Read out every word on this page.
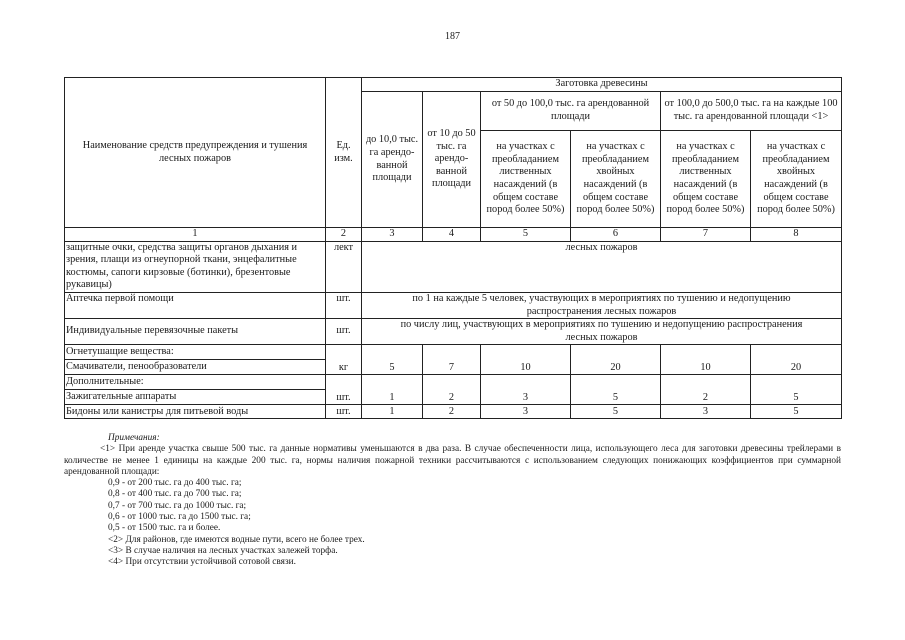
187
Наименование средств предупреждения и тушения лесных пожаров	Ед. изм.	Заготовка древесины					
		до 10,0 тыс. га арендо-ванной площади	от 10 до 50 тыс. га арендо-ванной площади	от 50 до 100,0 тыс. га арендованной площади		от 100,0 до 500,0 тыс. га на каждые 100 тыс. га арендованной площади <1>	
				на участках с преобладанием лиственных насаждений (в общем составе пород более 50%)	на участках с преобладанием хвойных насаждений (в общем составе пород более 50%)	на участках с преобладанием лиственных насаждений (в общем составе пород более 50%)	на участках с преобладанием хвойных насаждений (в общем составе пород более 50%)

1	2	3	4	5	6	7	8
защитные очки, средства защиты органов дыхания и зрения, плащи из огнеупорной ткани, энцефалитные костюмы, сапоги кирзовые (ботинки), брезентовые рукавицы)	лект	лесных пожаров					
Аптечка первой помощи	шт.	по 1 на каждые 5 человек, участвующих в мероприятиях по тушению и недопущению распространения лесных пожаров					
Индивидуальные перевязочные пакеты	шт.	по числу лиц, участвующих в мероприятиях по тушению и недопущению распространения лесных пожаров					
Огнетушащие вещества:	кг	5	7	10	20	10	20
Смачиватели, пенообразователи							
Дополнительные:	шт.	1	2	3	5	2	5
Зажигательные аппараты							
Бидоны или канистры для питьевой воды	шт.	1	2	3	5	3	5
Примечания:
<1> При аренде участка свыше 500 тыс. га данные нормативы уменьшаются в два раза. В случае обеспеченности лица, использующего леса для заготовки древесины трейлерами в количестве не менее 1 единицы на каждые 200 тыс. га, нормы наличия пожарной техники рассчитываются с использованием следующих понижающих коэффициентов при суммарной арендованной площади:
0,9 - от 200 тыс. га до 400 тыс. га;
0,8 - от 400 тыс. га до 700 тыс. га;
0,7 - от 700 тыс. га до 1000 тыс. га;
0,6 - от 1000 тыс. га до 1500 тыс. га;
0,5 - от 1500 тыс. га и более.
<2> Для районов, где имеются водные пути, всего не более трех.
<3> В случае наличия на лесных участках залежей торфа.
<4> При отсутствии устойчивой сотовой связи.
